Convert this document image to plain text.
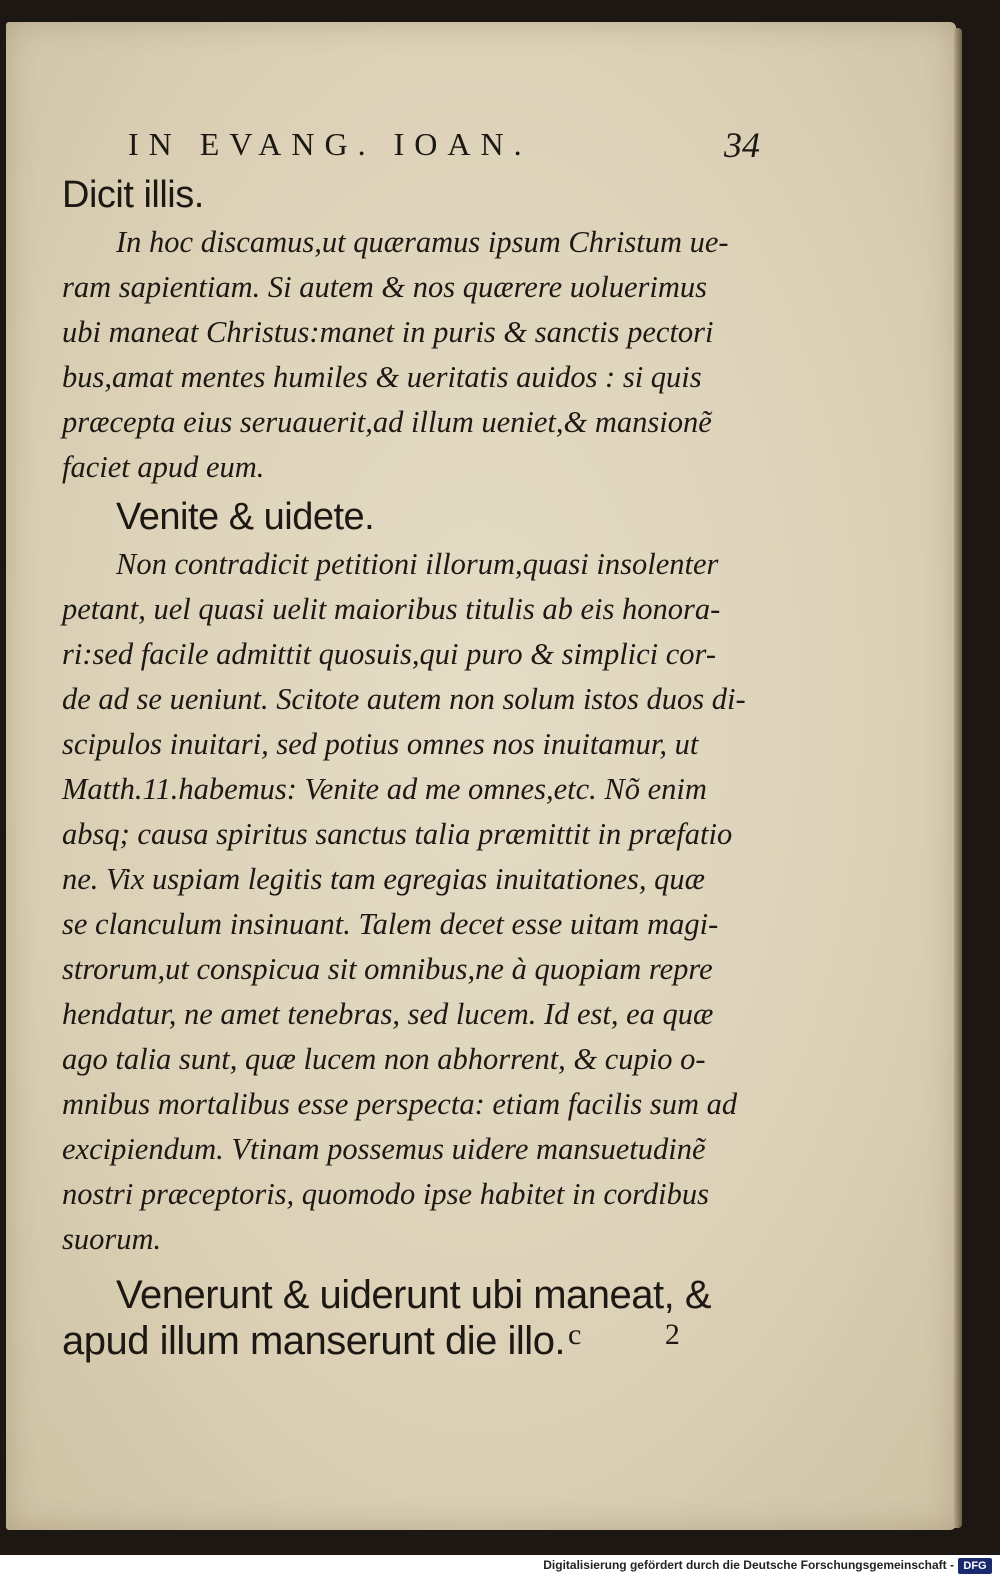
IN EVANG. IOAN.	34

Dicit illis.

In hoc discamus,ut quæramus ipsum Christum ue-
ram sapientiam. Si autem & nos quærere uoluerimus
ubi maneat Christus:manet in puris & sanctis pectori
bus,amat mentes humiles & ueritatis auidos : si quis
præcepta eius seruauerit,ad illum ueniet,& mansionẽ
faciet apud eum.

Venite & uidete.

Non contradicit petitioni illorum,quasi insolenter
petant, uel quasi uelit maioribus titulis ab eis honora-
ri:sed facile admittit quosuis,qui puro & simplici cor-
de ad se ueniunt. Scitote autem non solum istos duos di-
scipulos inuitari, sed potius omnes nos inuitamur, ut
Matth.11.habemus: Venite ad me omnes,etc. Nõ enim
absq; causa spiritus sanctus talia præmittit in præfatio
ne. Vix uspiam legitis tam egregias inuitationes, quæ
se clanculum insinuant. Talem decet esse uitam magi-
strorum,ut conspicua sit omnibus,ne à quopiam repre
hendatur, ne amet tenebras, sed lucem. Id est, ea quæ
ago talia sunt, quæ lucem non abhorrent, & cupio o-
mnibus mortalibus esse perspecta: etiam facilis sum ad
excipiendum. Vtinam possemus uidere mansuetudinẽ
nostri præceptoris, quomodo ipse habitet in cordibus
suorum.

Venerunt & uiderunt ubi maneat, &

apud illum manserunt die illo. c 2
Digitalisierung gefördert durch die Deutsche Forschungsgemeinschaft - DFG
